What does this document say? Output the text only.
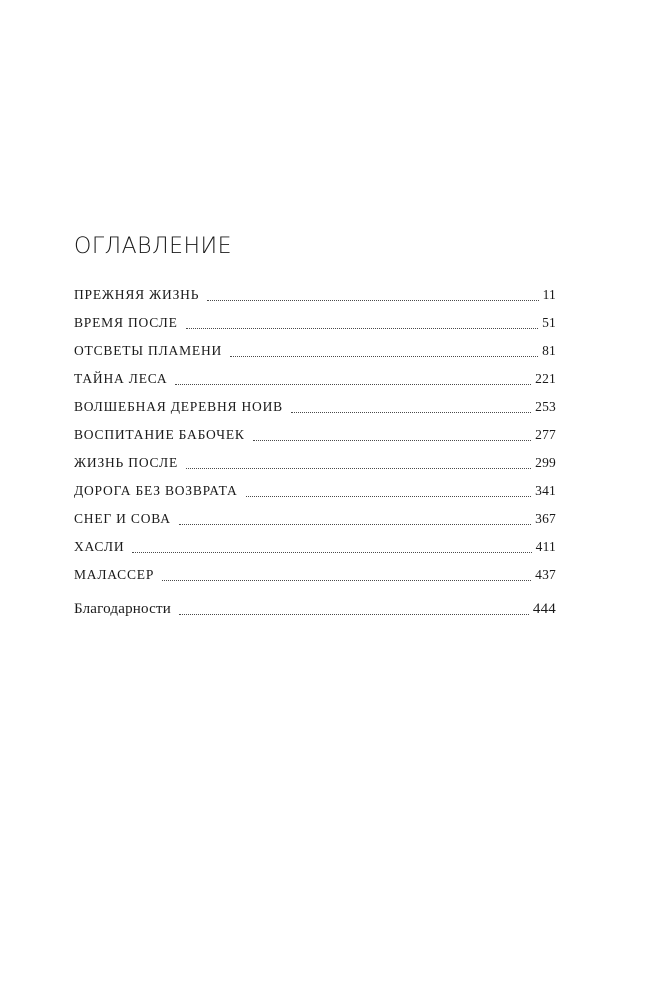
ОГЛАВЛЕНИЕ
ПРЕЖНЯЯ ЖИЗНЬ	11
ВРЕМЯ ПОСЛЕ	51
ОТСВЕТЫ ПЛАМЕНИ	81
ТАЙНА ЛЕСА	221
ВОЛШЕБНАЯ ДЕРЕВНЯ НОИВ	253
ВОСПИТАНИЕ БАБОЧЕК	277
ЖИЗНЬ ПОСЛЕ	299
ДОРОГА БЕЗ ВОЗВРАТА	341
СНЕГ И СОВА	367
ХАСЛИ	411
МАЛАССЕР	437
Благодарности	444
